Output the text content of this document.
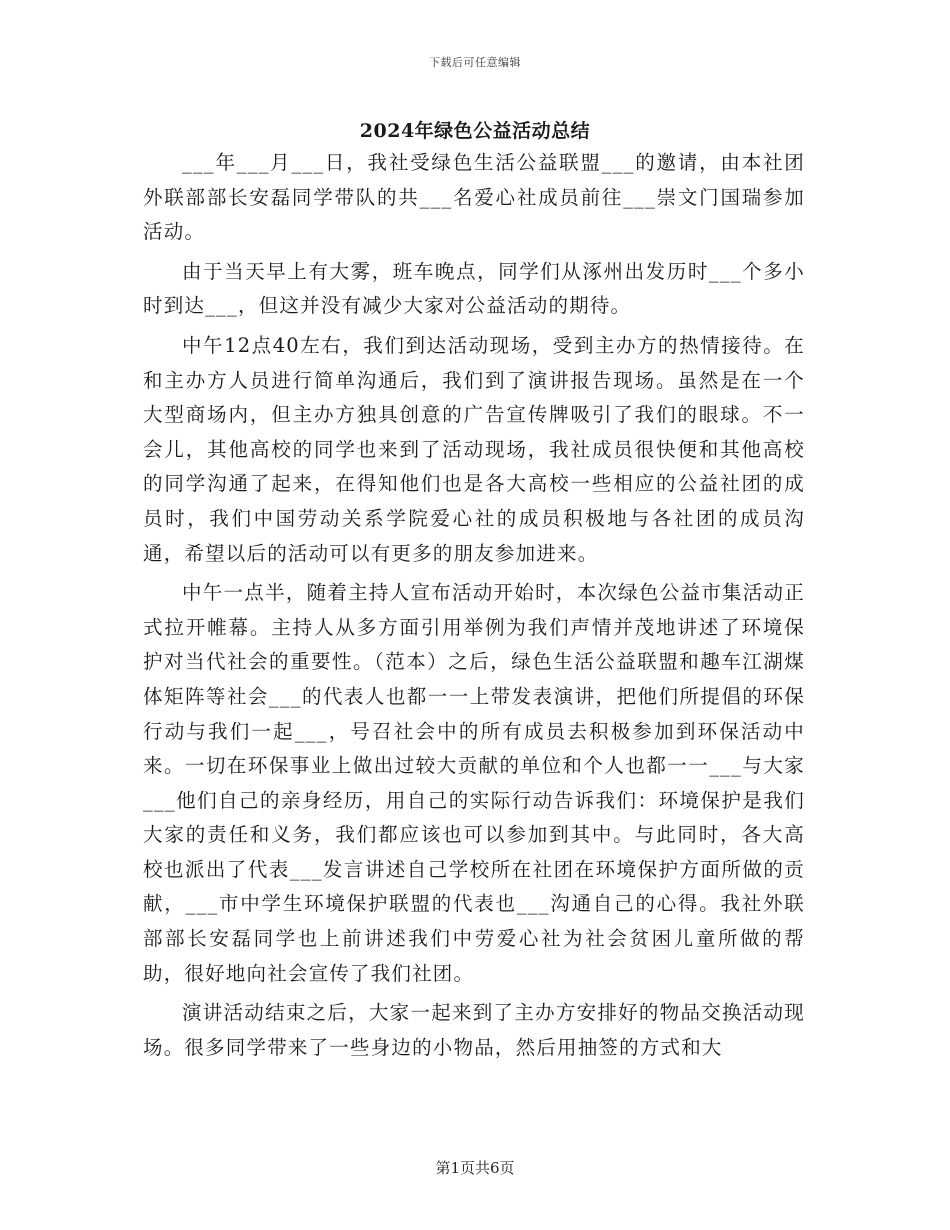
下载后可任意编辑
2024年绿色公益活动总结

___年___月___日，我社受绿色生活公益联盟___的邀请，由本社团外联部部长安磊同学带队的共___名爱心社成员前往___崇文门国瑞参加活动。

由于当天早上有大雾，班车晚点，同学们从涿州出发历时___个多小时到达___，但这并没有减少大家对公益活动的期待。

中午12点40左右，我们到达活动现场，受到主办方的热情接待。在和主办方人员进行简单沟通后，我们到了演讲报告现场。虽然是在一个大型商场内，但主办方独具创意的广告宣传牌吸引了我们的眼球。不一会儿，其他高校的同学也来到了活动现场，我社成员很快便和其他高校的同学沟通了起来，在得知他们也是各大高校一些相应的公益社团的成员时，我们中国劳动关系学院爱心社的成员积极地与各社团的成员沟通，希望以后的活动可以有更多的朋友参加进来。

中午一点半，随着主持人宣布活动开始时，本次绿色公益市集活动正式拉开帷幕。主持人从多方面引用举例为我们声情并茂地讲述了环境保护对当代社会的重要性。（范本）之后，绿色生活公益联盟和趣车江湖煤体矩阵等社会___的代表人也都一一上带发表演讲，把他们所提倡的环保行动与我们一起___，号召社会中的所有成员去积极参加到环保活动中来。一切在环保事业上做出过较大贡献的单位和个人也都一一___与大家___他们自己的亲身经历，用自己的实际行动告诉我们：环境保护是我们大家的责任和义务，我们都应该也可以参加到其中。与此同时，各大高校也派出了代表___发言讲述自己学校所在社团在环境保护方面所做的贡献，___市中学生环境保护联盟的代表也___沟通自己的心得。我社外联部部长安磊同学也上前讲述我们中劳爱心社为社会贫困儿童所做的帮助，很好地向社会宣传了我们社团。

演讲活动结束之后，大家一起来到了主办方安排好的物品交换活动现场。很多同学带来了一些身边的小物品，然后用抽签的方式和大

第1页共6页
